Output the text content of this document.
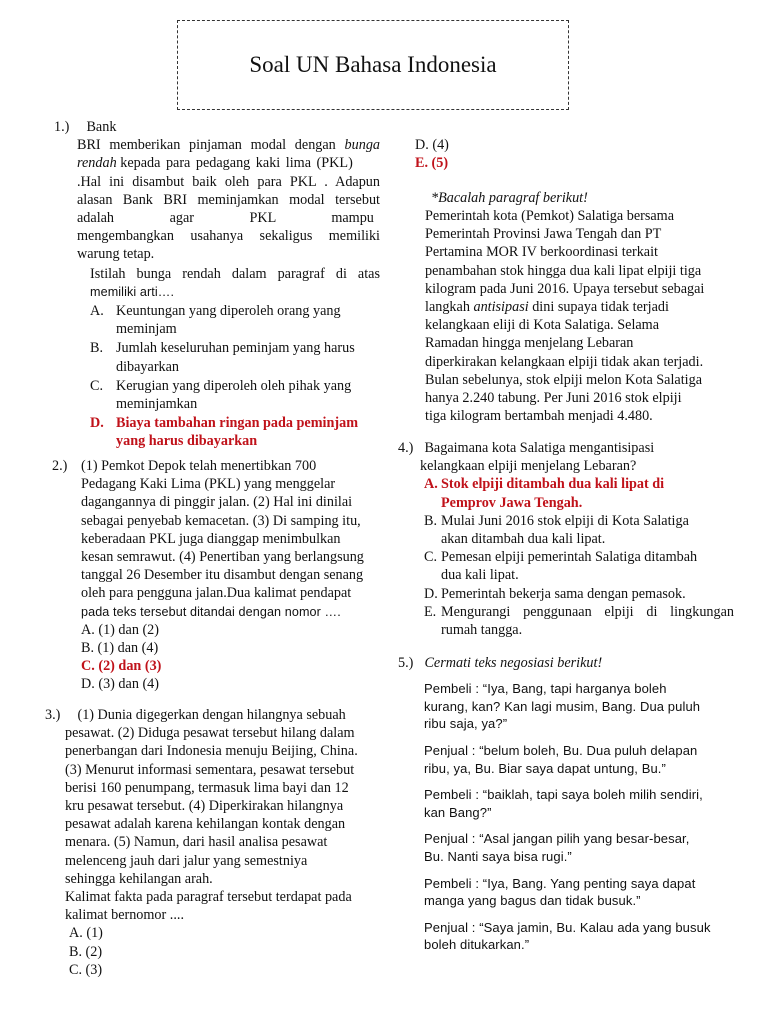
Soal UN Bahasa Indonesia
1.) Bank
BRI memberikan pinjaman modal dengan bunga
rendah kepada para pedagang kaki lima (PKL)
.Hal ini disambut baik oleh para PKL . Adapun
alasan Bank BRI meminjamkan modal tersebut
adalah agar PKL mampu
mengembangkan usahanya sekaligus memiliki
warung tetap.
Istilah bunga rendah dalam paragraf di atas
memiliki arti….
A. Keuntungan yang diperoleh orang yang
meminjam
B. Jumlah keseluruhan peminjam yang harus
dibayarkan
C. Kerugian yang diperoleh oleh pihak yang
meminjamkan
D. Biaya tambahan ringan pada peminjam
yang harus dibayarkan
2.) (1) Pemkot Depok telah menertibkan 700
Pedagang Kaki Lima (PKL) yang menggelar
dagangannya di pinggir jalan. (2) Hal ini dinilai
sebagai penyebab kemacetan. (3) Di samping itu,
keberadaan PKL juga dianggap menimbulkan
kesan semrawut. (4) Penertiban yang berlangsung
tanggal 26 Desember itu disambut dengan senang
oleh para pengguna jalan.Dua kalimat pendapat
pada teks tersebut ditandai dengan nomor ….
A. (1) dan (2)
B. (1) dan (4)
C. (2) dan (3)
D. (3) dan (4)
3.) (1) Dunia digegerkan dengan hilangnya sebuah
pesawat. (2) Diduga pesawat tersebut hilang dalam
penerbangan dari Indonesia menuju Beijing, China.
(3) Menurut informasi sementara, pesawat tersebut
berisi 160 penumpang, termasuk lima bayi dan 12
kru pesawat tersebut. (4) Diperkirakan hilangnya
pesawat adalah karena kehilangan kontak dengan
menara. (5) Namun, dari hasil analisa pesawat
melenceng jauh dari jalur yang semestniya
sehingga kehilangan arah.
Kalimat fakta pada paragraf tersebut terdapat pada
kalimat bernomor ....
A. (1)
B. (2)
C. (3)
D. (4)
E. (5)
*Bacalah paragraf berikut!
Pemerintah kota (Pemkot) Salatiga bersama
Pemerintah Provinsi Jawa Tengah dan PT
Pertamina MOR IV berkoordinasi terkait
penambahan stok hingga dua kali lipat elpiji tiga
kilogram pada Juni 2016. Upaya tersebut sebagai
langkah antisipasi dini supaya tidak terjadi
kelangkaan eliji di Kota Salatiga. Selama
Ramadan hingga menjelang Lebaran
diperkirakan kelangkaan elpiji tidak akan terjadi.
Bulan sebelunya, stok elpiji melon Kota Salatiga
hanya 2.240 tabung. Per Juni 2016 stok elpiji
tiga kilogram bertambah menjadi 4.480.
4.) Bagaimana kota Salatiga mengantisipasi
kelangkaan elpiji menjelang Lebaran?
A. Stok elpiji ditambah dua kali lipat di
Pemprov Jawa Tengah.
B. Mulai Juni 2016 stok elpiji di Kota Salatiga
akan ditambah dua kali lipat.
C. Pemesan elpiji pemerintah Salatiga ditambah
dua kali lipat.
D. Pemerintah bekerja sama dengan pemasok.
E. Mengurangi penggunaan elpiji di lingkungan
rumah tangga.
5.) Cermati teks negosiasi berikut!
Pembeli : “Iya, Bang, tapi harganya boleh
kurang, kan? Kan lagi musim, Bang. Dua puluh
ribu saja, ya?”
Penjual : “belum boleh, Bu. Dua puluh delapan
ribu, ya, Bu. Biar saya dapat untung, Bu.”
Pembeli : “baiklah, tapi saya boleh milih sendiri,
kan Bang?”
Penjual : “Asal jangan pilih yang besar-besar,
Bu. Nanti saya bisa rugi.”
Pembeli : “Iya, Bang. Yang penting saya dapat
manga yang bagus dan tidak busuk.”
Penjual : “Saya jamin, Bu. Kalau ada yang busuk
boleh ditukarkan.”
